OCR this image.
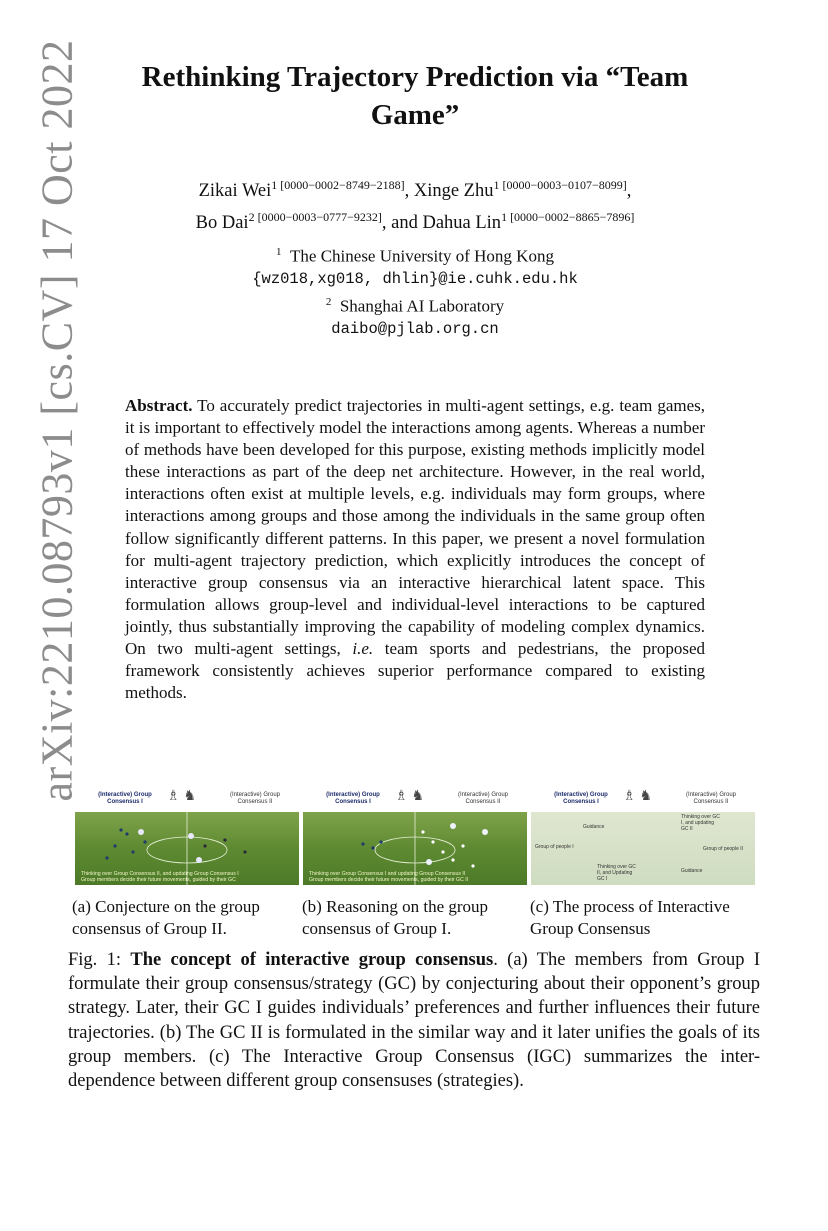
arXiv:2210.08793v1 [cs.CV] 17 Oct 2022	Rethinking Trajectory Prediction via “Team
Game”
Zikai Wei$^{1 [0000-0002-8749-2188]}$, Xinge Zhu$^{1 [0000-0003-0107-8099]}$,
Bo Dai$^{2 [0000-0003-0777-9232]}$, and Dahua Lin$^{1 [0000-0002-8865-7896]}$
$^1$ The Chinese University of Hong Kong
{wz018,xg018, dhlin}@ie.cuhk.edu.hk
$^2$ Shanghai AI Laboratory
daibo@pjlab.org.cn
Abstract. To accurately predict trajectories in multi-agent settings, e.g. team games, it is important to effectively model the interactions among agents. Whereas a number of methods have been developed for this purpose, existing methods implicitly model these interactions as part of the deep net architecture. However, in the real world, interactions often exist at multiple levels, e.g. individuals may form groups, where interactions among groups and those among the individuals in the same group often follow significantly different patterns. In this paper, we present a novel formulation for multi-agent trajectory prediction, which explicitly introduces the concept of interactive group consensus via an interactive hierarchical latent space. This formulation allows group-level and individual-level interactions to be captured jointly, thus substantially improving the capability of modeling complex dynamics. On two multi-agent settings, i.e. team sports and pedestrians, the proposed framework consistently achieves superior performance compared to existing methods.
(Interactive) Group Consensus I	♗ ♞	(Interactive) Group Consensus II
Thinking over Group Consensus II, and updating Group Consensus I
Group members decide their future movements, guided by their GC
(Interactive) Group Consensus I	♗ ♞	(Interactive) Group Consensus II
Thinking over Group Consensus I and updating Group Consensus II
Group members decide their future movements, guided by their GC II
(Interactive) Group Consensus I	♗ ♞	(Interactive) Group Consensus II
Guidance
Group of people I	Group of people II
Thinking over GC I, and updating GC II
Thinking over GC II, and Updating GC I
Guidance
(a) Conjecture on the group consensus of Group II.
(b) Reasoning on the group consensus of Group I.
(c) The process of Interactive Group Consensus
Fig. 1: The concept of interactive group consensus. (a) The members from Group I formulate their group consensus/strategy (GC) by conjecturing about their opponent’s group strategy. Later, their GC I guides individuals’ preferences and further influences their future trajectories. (b) The GC II is formulated in the similar way and it later unifies the goals of its group members. (c) The Interactive Group Consensus (IGC) summarizes the inter-dependence between different group consensuses (strategies).
